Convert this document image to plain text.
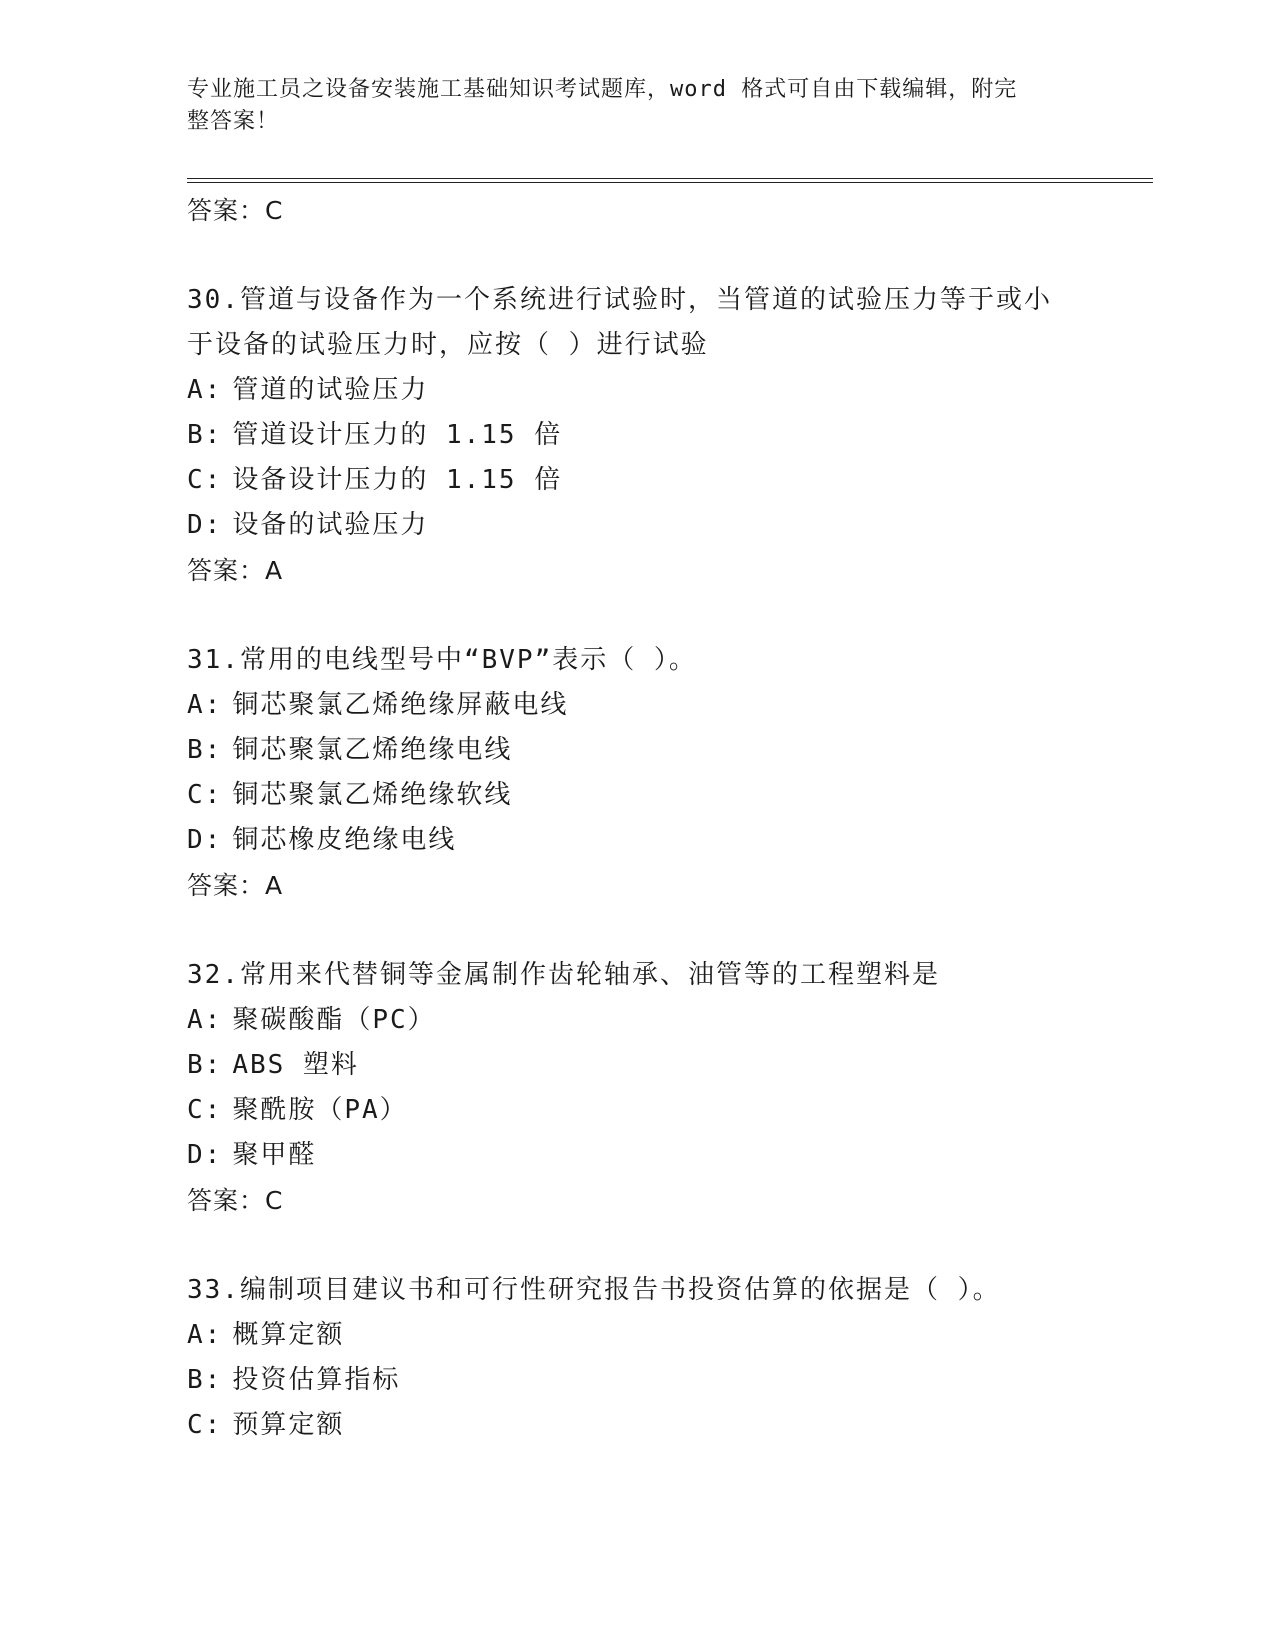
专业施工员之设备安装施工基础知识考试题库，word 格式可自由下载编辑，附完
整答案！
答案：C
30.管道与设备作为一个系统进行试验时，当管道的试验压力等于或小
于设备的试验压力时，应按（ ）进行试验
A: 管道的试验压力
B: 管道设计压力的 1.15 倍
C: 设备设计压力的 1.15 倍
D: 设备的试验压力
答案：A
31.常用的电线型号中“BVP”表示（ ）。
A: 铜芯聚氯乙烯绝缘屏蔽电线
B: 铜芯聚氯乙烯绝缘电线
C: 铜芯聚氯乙烯绝缘软线
D: 铜芯橡皮绝缘电线
答案：A
32.常用来代替铜等金属制作齿轮轴承、油管等的工程塑料是
A: 聚碳酸酯（PC）
B: ABS 塑料
C: 聚酰胺（PA）
D: 聚甲醛
答案：C
33.编制项目建议书和可行性研究报告书投资估算的依据是（ ）。
A: 概算定额
B: 投资估算指标
C: 预算定额
